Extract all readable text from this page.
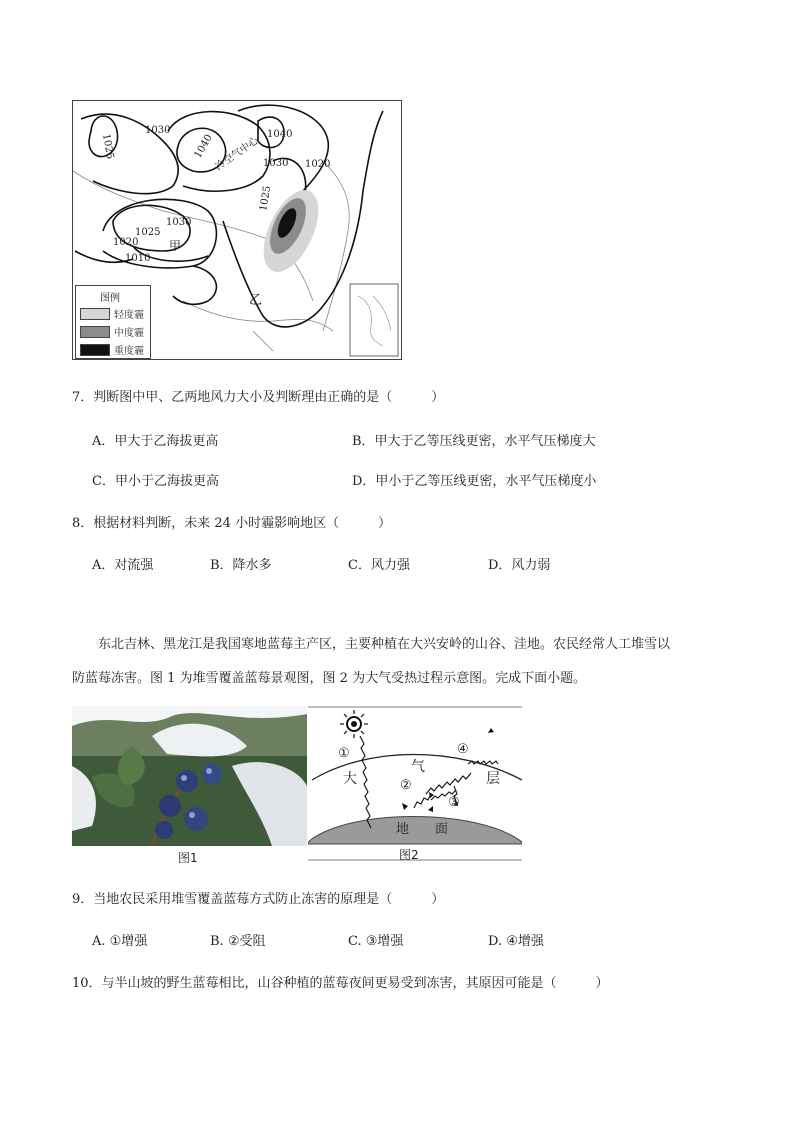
1030
1025	1040
1030 1020
1025
1030
1025
1020
1010
1040
冷空气中心
甲
乙
图例
轻度霾
中度霾
重度霾
7．判断图中甲、乙两地风力大小及判断理由正确的是（　　　）
A．甲大于乙海拔更高	B．甲大于乙等压线更密，水平气压梯度大
C．甲小于乙海拔更高	D．甲小于乙等压线更密，水平气压梯度小
8．根据材料判断，未来 24 小时霾影响地区（　　　）
A．对流强	B．降水多	C．风力强	D．风力弱
东北吉林、黑龙江是我国寒地蓝莓主产区，主要种植在大兴安岭的山谷、洼地。农民经常人工堆雪以
防蓝莓冻害。图 1 为堆雪覆盖蓝莓景观图，图 2 为大气受热过程示意图。完成下面小题。
图1
①	④
②
③
大
气
层
地　　面
图2
9．当地农民采用堆雪覆盖蓝莓方式防止冻害的原理是（　　　）
A. ①增强	B. ②受阻	C. ③增强	D. ④增强
10．与半山坡的野生蓝莓相比，山谷种植的蓝莓夜间更易受到冻害，其原因可能是（　　　）
